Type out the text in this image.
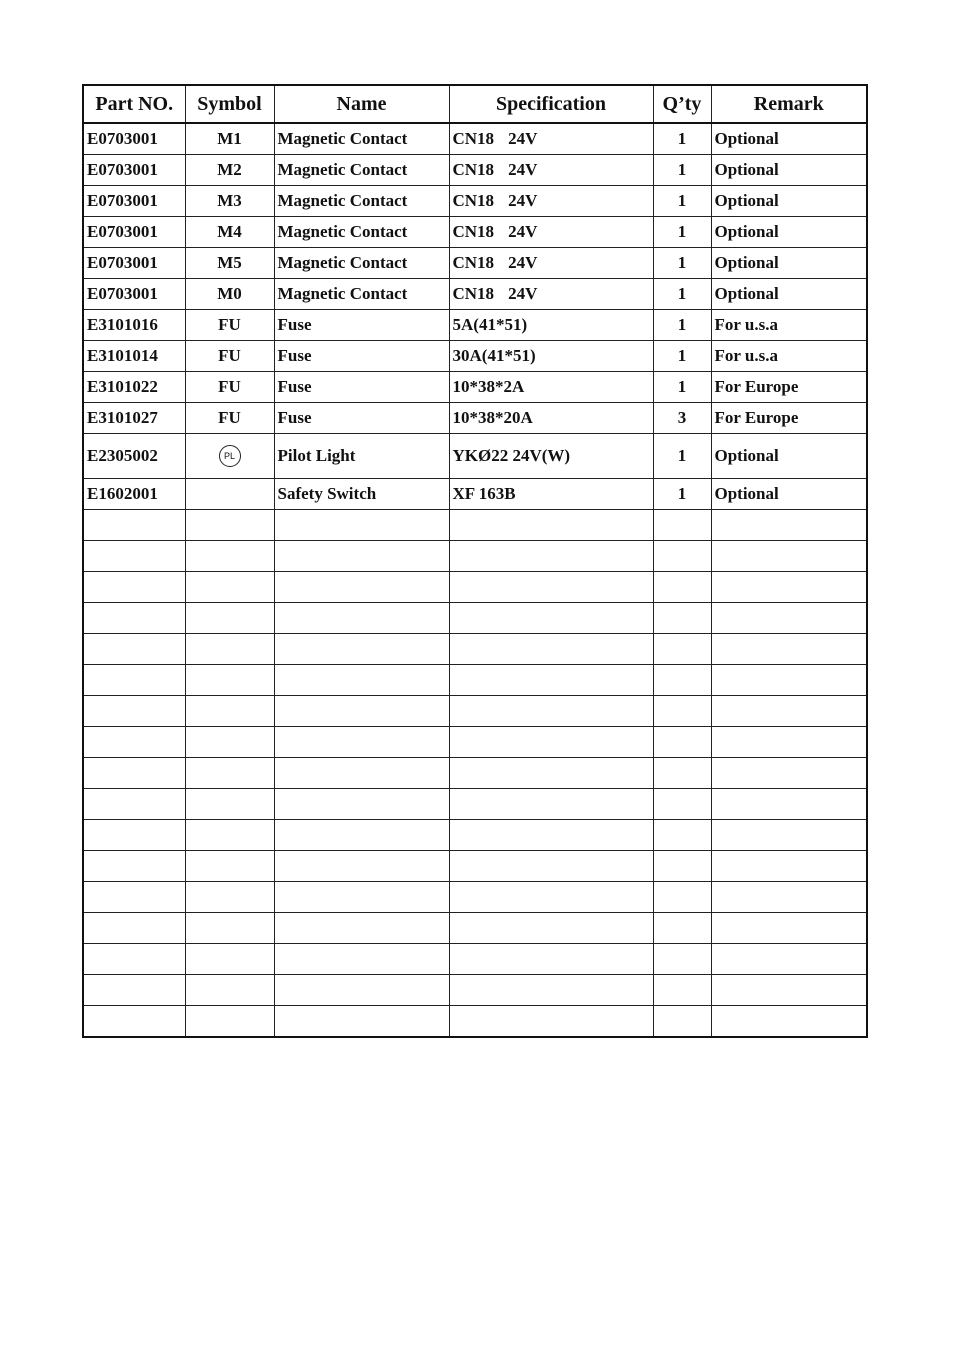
Part NO.	Symbol	Name	Specification	Q’ty	Remark
E0703001	M1	Magnetic Contact	CN18 24V	1	Optional
E0703001	M2	Magnetic Contact	CN18 24V	1	Optional
E0703001	M3	Magnetic Contact	CN18 24V	1	Optional
E0703001	M4	Magnetic Contact	CN18 24V	1	Optional
E0703001	M5	Magnetic Contact	CN18 24V	1	Optional
E0703001	M0	Magnetic Contact	CN18 24V	1	Optional
E3101016	FU	Fuse	5A(41*51)	1	For u.s.a
E3101014	FU	Fuse	30A(41*51)	1	For u.s.a
E3101022	FU	Fuse	10*38*2A	1	For Europe
E3101027	FU	Fuse	10*38*20A	3	For Europe
E2305002	PL	Pilot Light	YKØ22 24V(W)	1	Optional
E1602001		Safety Switch	XF 163B	1	Optional
